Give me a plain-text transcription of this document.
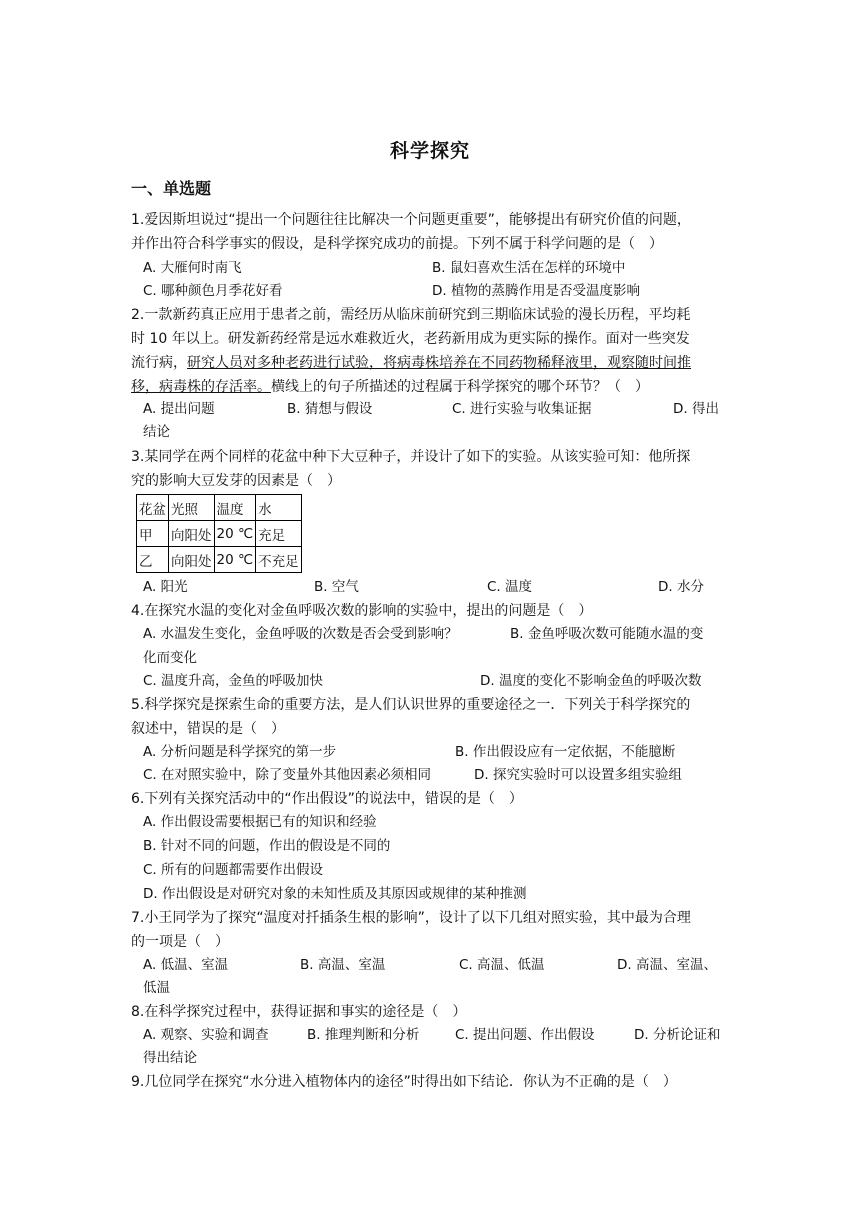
科学探究
一、单选题
1.爱因斯坦说过“提出一个问题往往比解决一个问题更重要”，能够提出有研究价值的问题，
并作出符合科学事实的假设，是科学探究成功的前提。下列不属于科学问题的是（　）
A. 大雁何时南飞	B. 鼠妇喜欢生活在怎样的环境中
C. 哪种颜色月季花好看	D. 植物的蒸腾作用是否受温度影响
2.一款新药真正应用于患者之前，需经历从临床前研究到三期临床试验的漫长历程，平均耗
时 10 年以上。研发新药经常是远水难救近火，老药新用成为更实际的操作。面对一些突发
流行病，研究人员对多种老药进行试验，将病毒株培养在不同药物稀释液里，观察随时间推
移，病毒株的存活率。横线上的句子所描述的过程属于科学探究的哪个环节？（　）
A. 提出问题	B. 猜想与假设	C. 进行实验与收集证据	D. 得出
结论
3.某同学在两个同样的花盆中种下大豆种子，并设计了如下的实验。从该实验可知：他所探
究的影响大豆发芽的因素是（　）
花盆	光照	温度	水
甲	向阳处	20 ℃	充足
乙	向阳处	20 ℃	不充足
A. 阳光	B. 空气	C. 温度	D. 水分
4.在探究水温的变化对金鱼呼吸次数的影响的实验中，提出的问题是（　）
A. 水温发生变化，金鱼呼吸的次数是否会受到影响？	B. 金鱼呼吸次数可能随水温的变
化而变化
C. 温度升高，金鱼的呼吸加快	D. 温度的变化不影响金鱼的呼吸次数
5.科学探究是探索生命的重要方法，是人们认识世界的重要途径之一．下列关于科学探究的
叙述中，错误的是（　）
A. 分析问题是科学探究的第一步	B. 作出假设应有一定依据，不能臆断
C. 在对照实验中，除了变量外其他因素必须相同	D. 探究实验时可以设置多组实验组
6.下列有关探究活动中的“作出假设”的说法中，错误的是（　）
A. 作出假设需要根据已有的知识和经验
B. 针对不同的问题，作出的假设是不同的
C. 所有的问题都需要作出假设
D. 作出假设是对研究对象的未知性质及其原因或规律的某种推测
7.小王同学为了探究“温度对扦插条生根的影响”，设计了以下几组对照实验，其中最为合理
的一项是（　）
A. 低温、室温	B. 高温、室温	C. 高温、低温	D. 高温、室温、
低温
8.在科学探究过程中，获得证据和事实的途径是（　）
A. 观察、实验和调查	B. 推理判断和分析	C. 提出问题、作出假设	D. 分析论证和
得出结论
9.几位同学在探究“水分进入植物体内的途径”时得出如下结论．你认为不正确的是（　）
